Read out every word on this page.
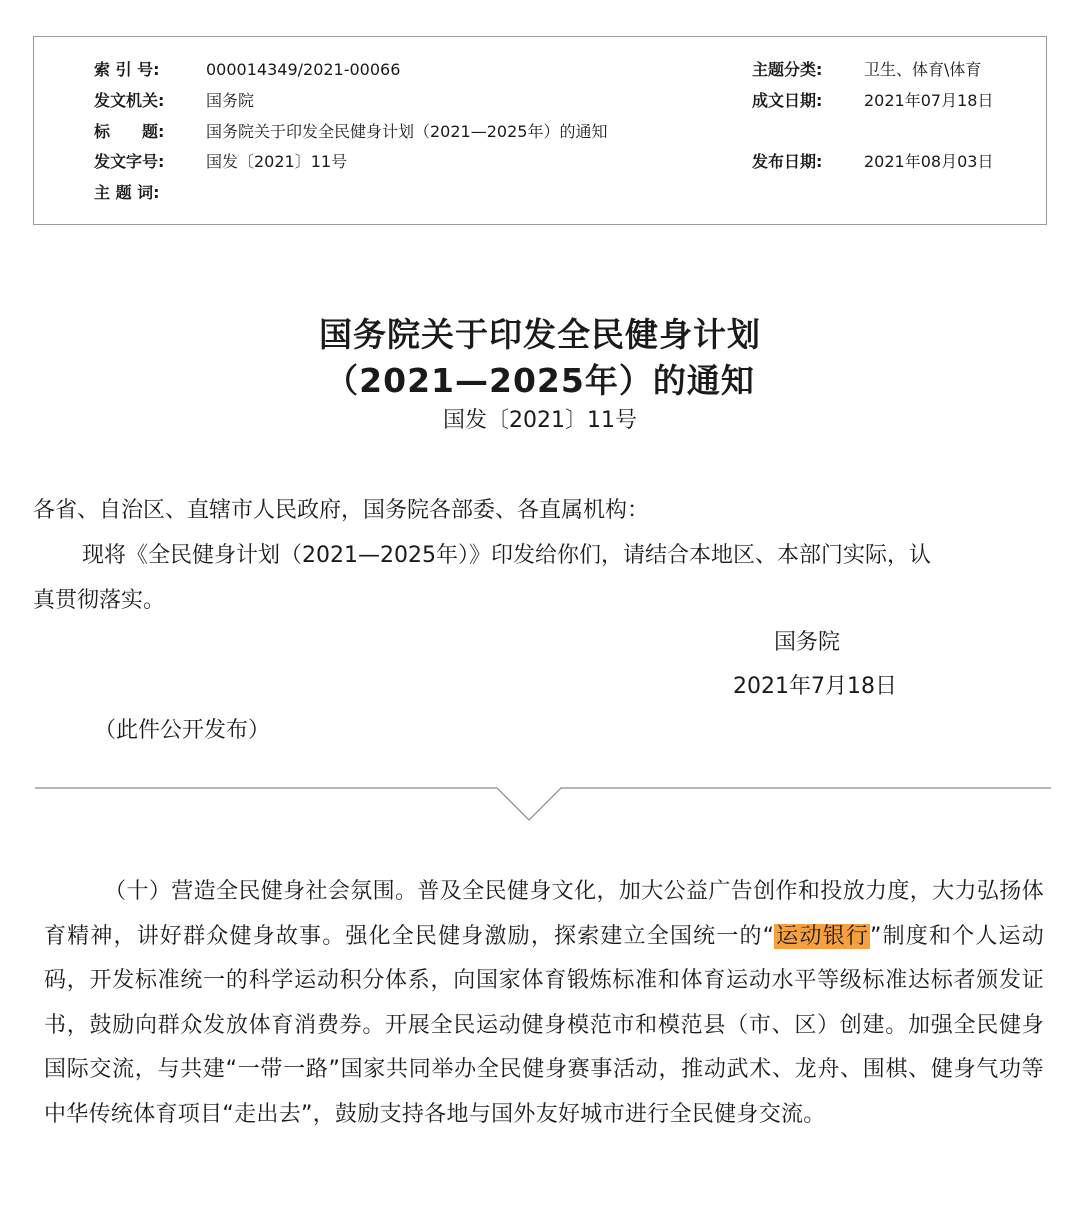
索 引 号:	000014349/2021-00066	主题分类:	卫生、体育\体育
发文机关:	国务院	成文日期:	2021年07月18日
标　　题:	国务院关于印发全民健身计划（2021—2025年）的通知
发文字号:	国发〔2021〕11号	发布日期:	2021年08月03日
主 题 词:
国务院关于印发全民健身计划
（2021—2025年）的通知
国发〔2021〕11号
各省、自治区、直辖市人民政府，国务院各部委、各直属机构：
现将《全民健身计划（2021—2025年）》印发给你们，请结合本地区、本部门实际，认
真贯彻落实。
国务院
2021年7月18日
（此件公开发布）
（十）营造全民健身社会氛围。普及全民健身文化，加大公益广告创作和投放力度，大力弘扬体育精神，讲好群众健身故事。强化全民健身激励，探索建立全国统一的“运动银行”制度和个人运动码，开发标准统一的科学运动积分体系，向国家体育锻炼标准和体育运动水平等级标准达标者颁发证书，鼓励向群众发放体育消费券。开展全民运动健身模范市和模范县（市、区）创建。加强全民健身国际交流，与共建“一带一路”国家共同举办全民健身赛事活动，推动武术、龙舟、围棋、健身气功等中华传统体育项目“走出去”，鼓励支持各地与国外友好城市进行全民健身交流。
